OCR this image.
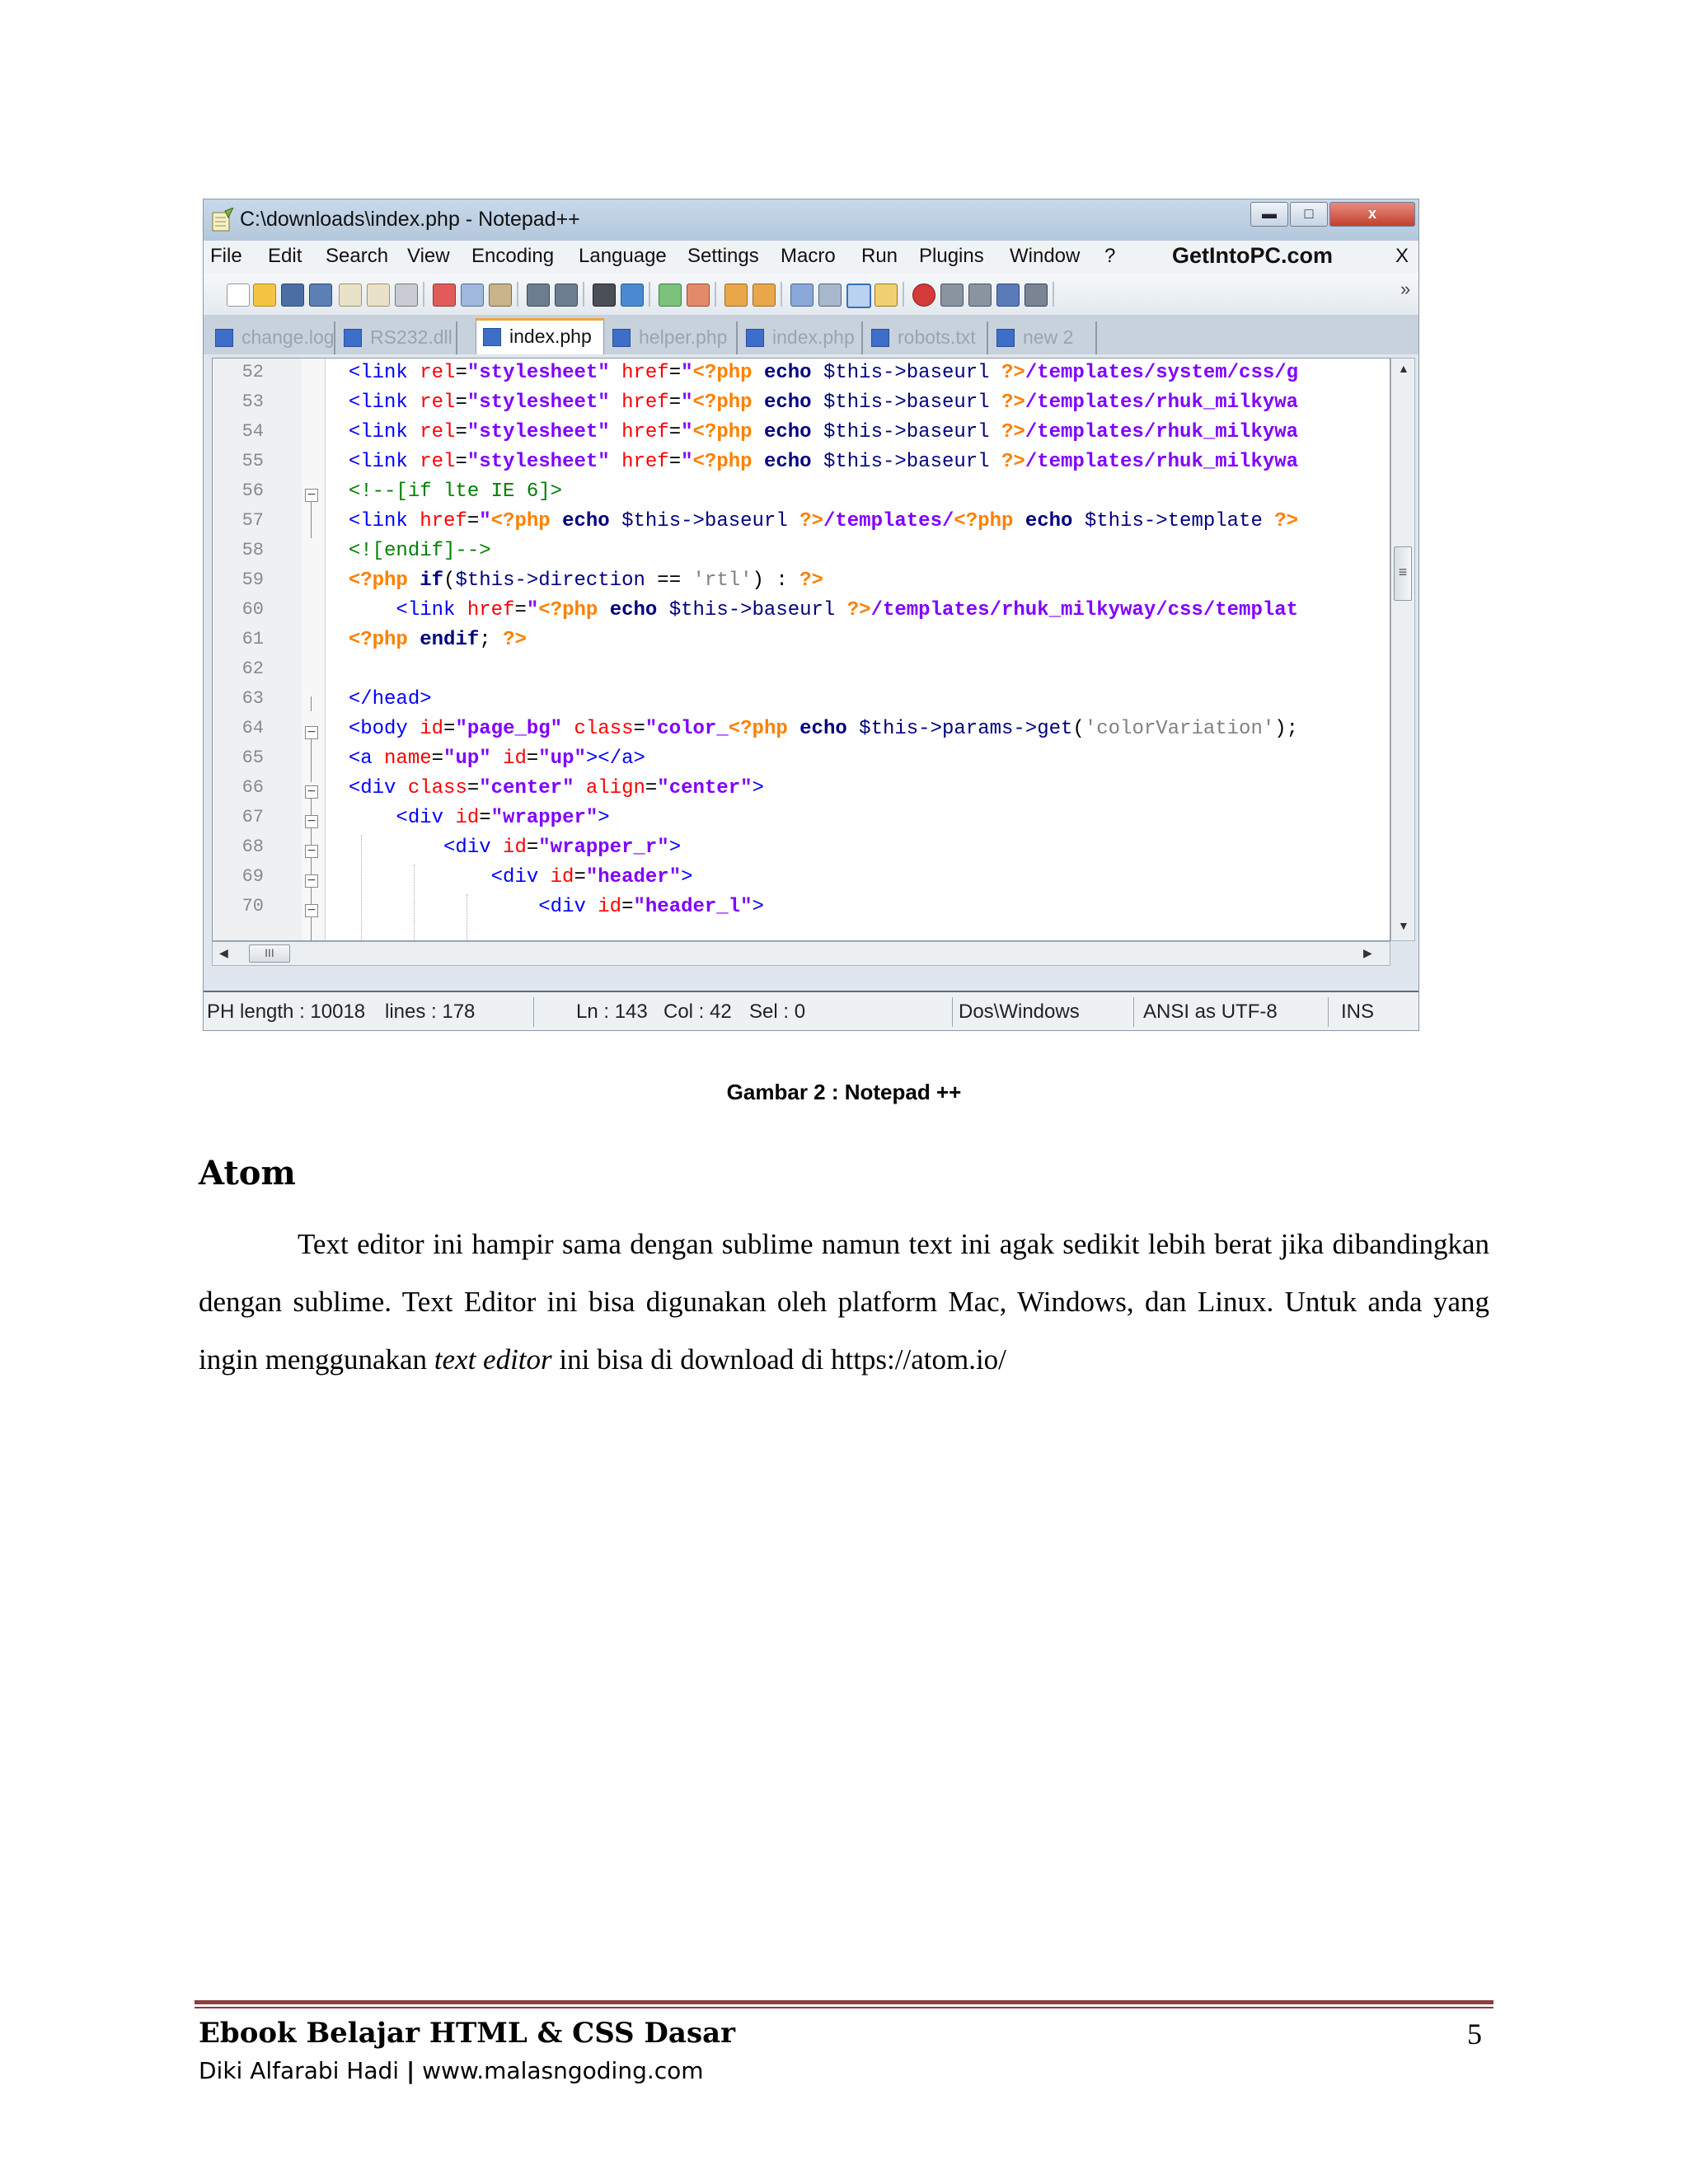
C:\downloads\index.php - Notepad++	▬	□	x
File Edit Search View Encoding Language Settings Macro Run Plugins Window ?	GetIntoPC.com	X
»
change.log	RS232.dll	index.php	helper.php	index.php	robots.txt	new 2
52
53
54
55
56
57
58
59
60
61
62
63
64
65
66
67
68
69
70
−
−
−
−
−
−
−
<link rel="stylesheet" href="<?php echo $this->baseurl ?>/templates/system/css/g
<link rel="stylesheet" href="<?php echo $this->baseurl ?>/templates/rhuk_milkywa
<link rel="stylesheet" href="<?php echo $this->baseurl ?>/templates/rhuk_milkywa
<link rel="stylesheet" href="<?php echo $this->baseurl ?>/templates/rhuk_milkywa
<!--[if lte IE 6]>
<link href="<?php echo $this->baseurl ?>/templates/<?php echo $this->template ?>
<![endif]-->
<?php if($this->direction == 'rtl') : ?>
<link href="<?php echo $this->baseurl ?>/templates/rhuk_milkyway/css/templat
<?php endif; ?>

</head>
<body id="page_bg" class="color_<?php echo $this->params->get('colorVariation');
<a name="up" id="up"></a>
<div class="center" align="center">
<div id="wrapper">
<div id="wrapper_r">
<div id="header">
<div id="header_l">
▲
≡
▼
◀	III	▶
PH length : 10018 lines : 178	Ln : 143 Col : 42 Sel : 0	Dos\Windows	ANSI as UTF-8	INS
Gambar 2 : Notepad ++
Atom
Text editor ini hampir sama dengan sublime namun text ini agak sedikit lebih berat jika dibandingkan dengan sublime. Text Editor ini bisa digunakan oleh platform Mac, Windows, dan Linux. Untuk anda yang ingin menggunakan text editor ini bisa di download di https://atom.io/
Ebook Belajar HTML & CSS Dasar	5
Diki Alfarabi Hadi | www.malasngoding.com
